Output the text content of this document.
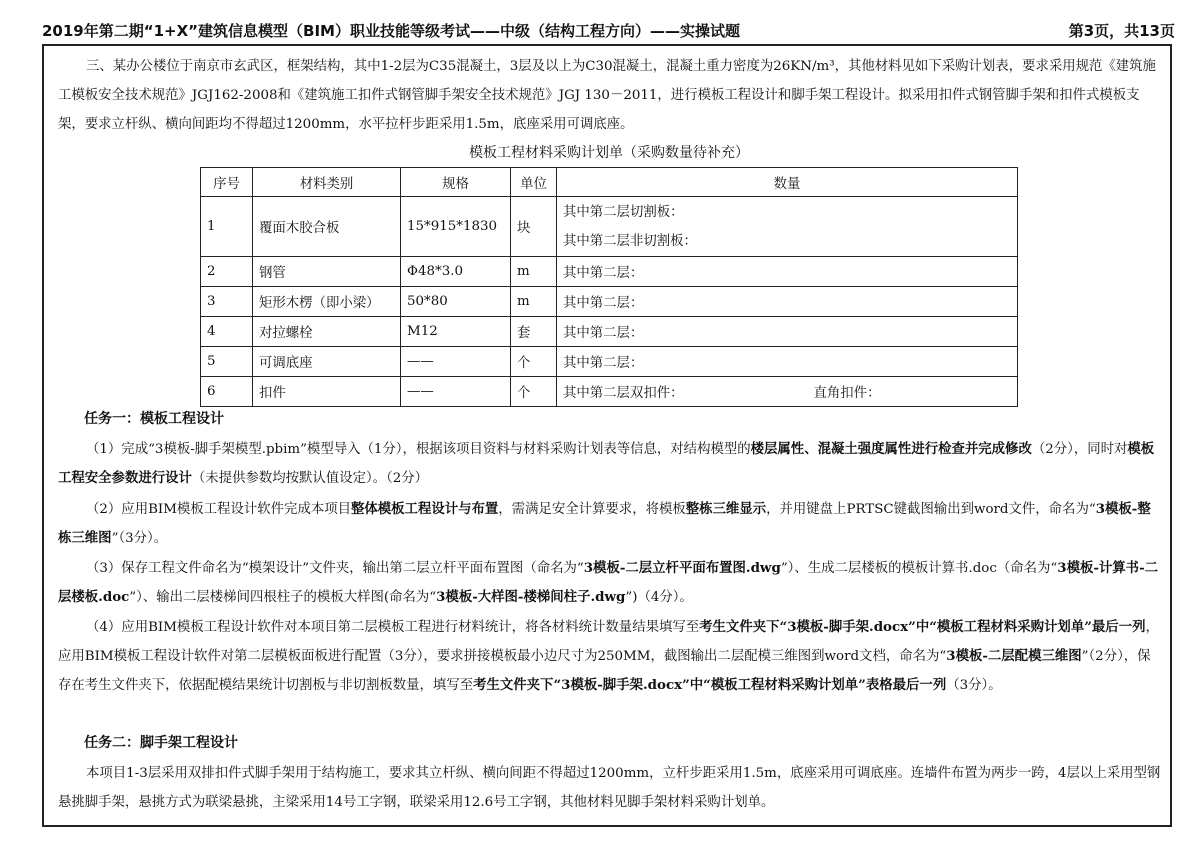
2019年第二期“1+X”建筑信息模型（BIM）职业技能等级考试——中级（结构工程方向）——实操试题	第3页，共13页

三、某办公楼位于南京市玄武区，框架结构，其中1-2层为C35混凝土，3层及以上为C30混凝土，混凝土重力密度为26KN/m³，其他材料见如下采购计划表，要求采用规范《建筑施工模板安全技术规范》JGJ162-2008和《建筑施工扣件式钢管脚手架安全技术规范》JGJ 130－2011，进行模板工程设计和脚手架工程设计。拟采用扣件式钢管脚手架和扣件式模板支架，要求立杆纵、横向间距均不得超过1200mm，水平拉杆步距采用1.5m，底座采用可调底座。

模板工程材料采购计划单（采购数量待补充）
序号	材料类别	规格	单位	数量
1	覆面木胶合板	15*915*1830	块	其中第二层切割板：
其中第二层非切割板：

2	钢管	Φ48*3.0	m	其中第二层：
3	矩形木楞（即小梁）	50*80	m	其中第二层：
4	对拉螺栓	M12	套	其中第二层：
5	可调底座	——	个	其中第二层：
6	扣件	——	个	其中第二层双扣件： 直角扣件：
任务一：模板工程设计

（1）完成“3模板-脚手架模型.pbim”模型导入（1分），根据该项目资料与材料采购计划表等信息，对结构模型的楼层属性、混凝土强度属性进行检查并完成修改（2分），同时对模板工程安全参数进行设计（未提供参数均按默认值设定）。（2分）

（2）应用BIM模板工程设计软件完成本项目整体模板工程设计与布置，需满足安全计算要求，将模板整栋三维显示，并用键盘上PRTSC键截图输出到word文件，命名为“3模板-整栋三维图”（3分）。

（3）保存工程文件命名为“模架设计”文件夹，输出第二层立杆平面布置图（命名为“3模板-二层立杆平面布置图.dwg”）、生成二层楼板的模板计算书.doc（命名为“3模板-计算书-二层楼板.doc”）、输出二层楼梯间四根柱子的模板大样图(命名为“3模板-大样图-楼梯间柱子.dwg”)（4分）。

（4）应用BIM模板工程设计软件对本项目第二层模板工程进行材料统计，将各材料统计数量结果填写至考生文件夹下“3模板-脚手架.docx”中“模板工程材料采购计划单”最后一列，应用BIM模板工程设计软件对第二层模板面板进行配置（3分），要求拼接模板最小边尺寸为250MM，截图输出二层配模三维图到word文档，命名为“3模板-二层配模三维图”（2分），保存在考生文件夹下，依据配模结果统计切割板与非切割板数量，填写至考生文件夹下“3模板-脚手架.docx”中“模板工程材料采购计划单”表格最后一列（3分）。

任务二：脚手架工程设计

本项目1-3层采用双排扣件式脚手架用于结构施工，要求其立杆纵、横向间距不得超过1200mm，立杆步距采用1.5m，底座采用可调底座。连墙件布置为两步一跨，4层以上采用型钢悬挑脚手架，悬挑方式为联梁悬挑，主梁采用14号工字钢，联梁采用12.6号工字钢，其他材料见脚手架材料采购计划单。
